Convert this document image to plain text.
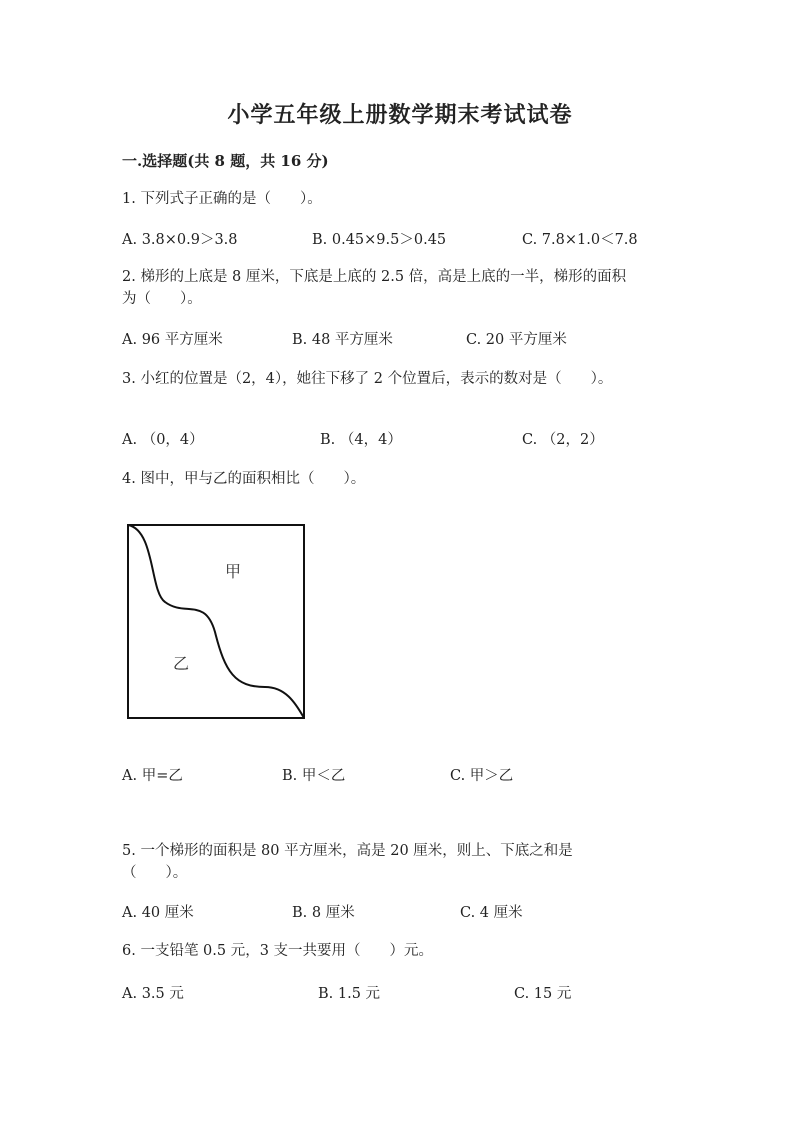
小学五年级上册数学期末考试试卷
一.选择题(共 8 题，共 16 分)
1. 下列式子正确的是（　　）。
A. 3.8×0.9＞3.8	B. 0.45×9.5＞0.45	C. 7.8×1.0＜7.8
2. 梯形的上底是 8 厘米，下底是上底的 2.5 倍，高是上底的一半，梯形的面积
为（　　）。
A. 96 平方厘米	B. 48 平方厘米	C. 20 平方厘米
3. 小红的位置是（2，4），她往下移了 2 个位置后，表示的数对是（　　）。
A. （0，4）	B. （4，4）	C. （2，2）
4. 图中，甲与乙的面积相比（　　）。
甲
乙
A. 甲=乙	B. 甲＜乙	C. 甲＞乙
5. 一个梯形的面积是 80 平方厘米，高是 20 厘米，则上、下底之和是
（　　）。
A. 40 厘米	B. 8 厘米	C. 4 厘米
6. 一支铅笔 0.5 元，3 支一共要用（　　）元。
A. 3.5 元	B. 1.5 元	C. 15 元
